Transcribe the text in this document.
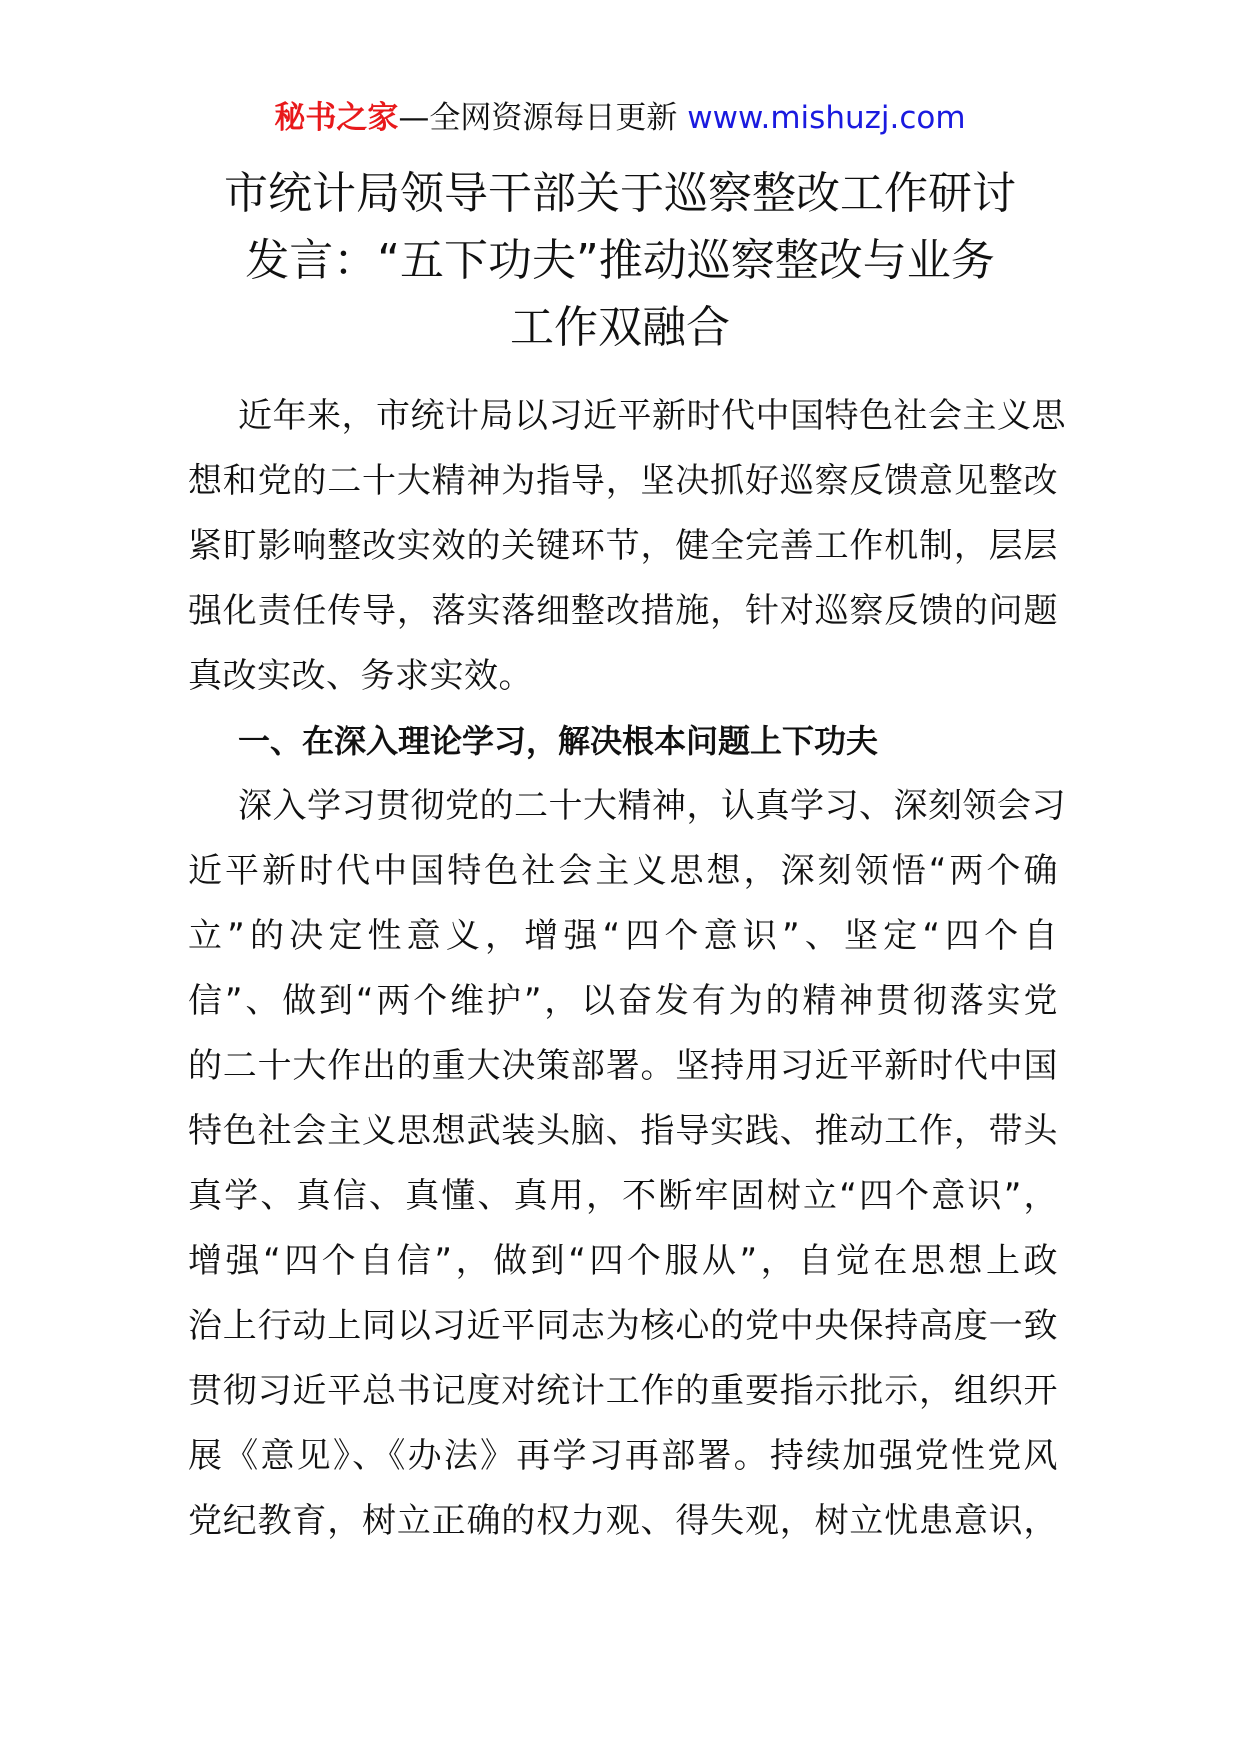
秘书之家—全网资源每日更新 www.mishuzj.com
市统计局领导干部关于巡察整改工作研讨
发言：“五下功夫”推动巡察整改与业务
工作双融合
近年来，市统计局以习近平新时代中国特色社会主义思
想和党的二十大精神为指导，坚决抓好巡察反馈意见整改
紧盯影响整改实效的关键环节，健全完善工作机制，层层
强化责任传导，落实落细整改措施，针对巡察反馈的问题
真改实改、务求实效。
一、在深入理论学习，解决根本问题上下功夫
深入学习贯彻党的二十大精神，认真学习、深刻领会习
近平新时代中国特色社会主义思想，深刻领悟“两个确
立”的决定性意义，增强“四个意识”、坚定“四个自
信”、做到“两个维护”，以奋发有为的精神贯彻落实党
的二十大作出的重大决策部署。坚持用习近平新时代中国
特色社会主义思想武装头脑、指导实践、推动工作，带头
真学、真信、真懂、真用，不断牢固树立“四个意识”，
增强“四个自信”，做到“四个服从”，自觉在思想上政
治上行动上同以习近平同志为核心的党中央保持高度一致
贯彻习近平总书记度对统计工作的重要指示批示，组织开
展《意见》、《办法》再学习再部署。持续加强党性党风
党纪教育，树立正确的权力观、得失观，树立忧患意识，
